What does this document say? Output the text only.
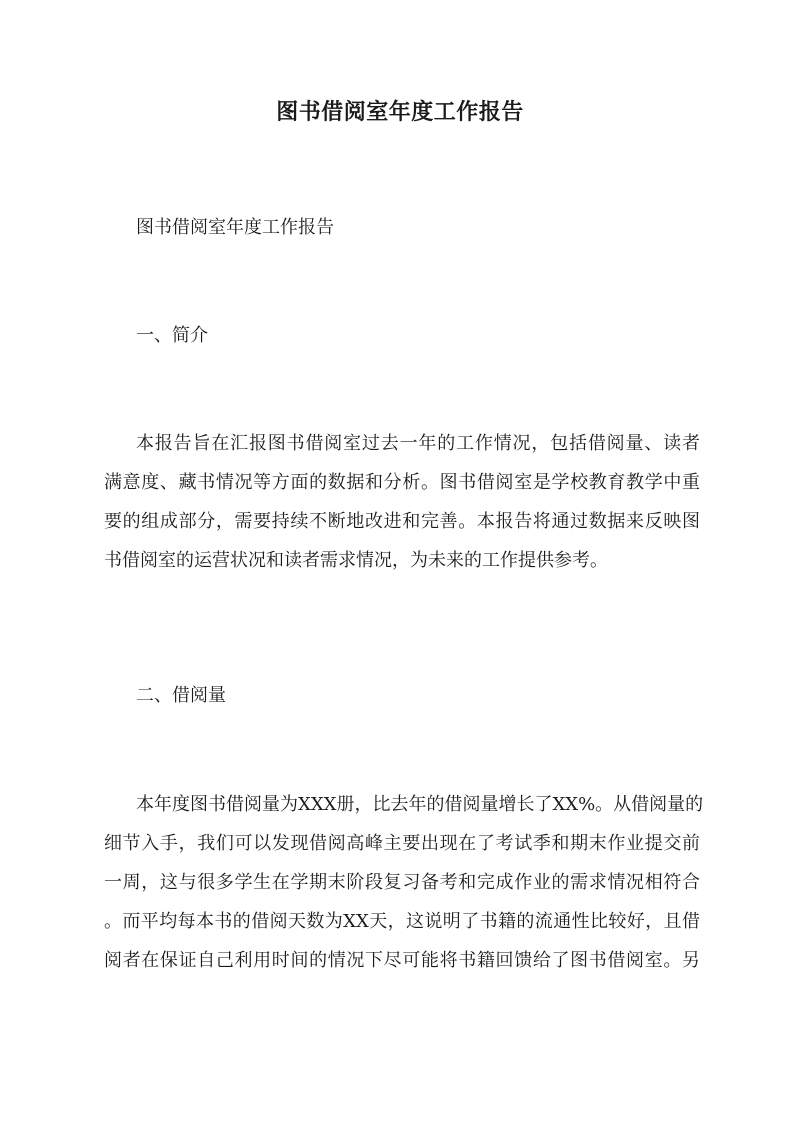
图书借阅室年度工作报告
图书借阅室年度工作报告
一、简介
本报告旨在汇报图书借阅室过去一年的工作情况，包括借阅量、读者
满意度、藏书情况等方面的数据和分析。图书借阅室是学校教育教学中重
要的组成部分，需要持续不断地改进和完善。本报告将通过数据来反映图
书借阅室的运营状况和读者需求情况，为未来的工作提供参考。
二、借阅量
本年度图书借阅量为XXX册，比去年的借阅量增长了XX%。从借阅量的
细节入手，我们可以发现借阅高峰主要出现在了考试季和期末作业提交前
一周，这与很多学生在学期末阶段复习备考和完成作业的需求情况相符合
。而平均每本书的借阅天数为XX天，这说明了书籍的流通性比较好，且借
阅者在保证自己利用时间的情况下尽可能将书籍回馈给了图书借阅室。另
